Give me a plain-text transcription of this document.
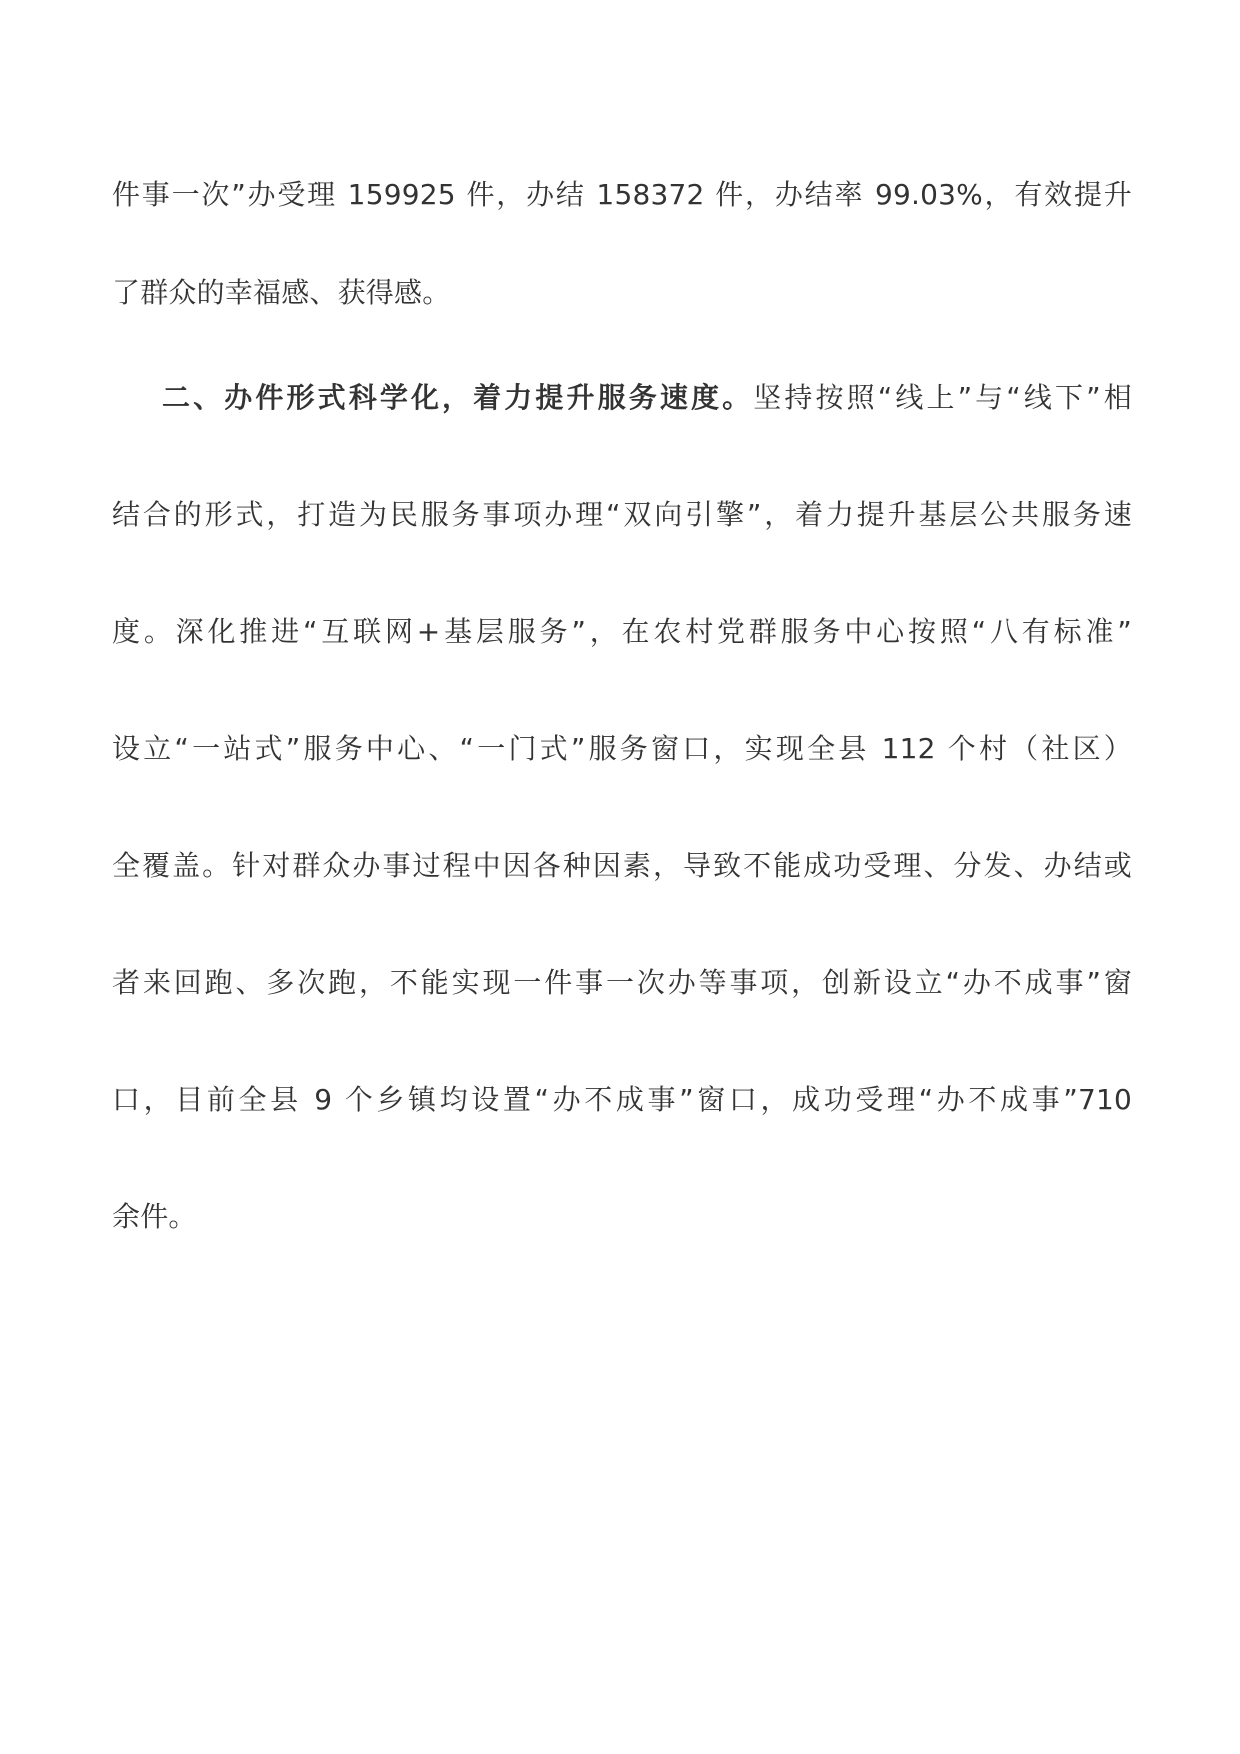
件事一次”办受理 159925 件，办结 158372 件，办结率 99.03%，有效提升
了群众的幸福感、获得感。
二、办件形式科学化，着力提升服务速度。坚持按照“线上”与“线下”相
结合的形式，打造为民服务事项办理“双向引擎”，着力提升基层公共服务速
度。深化推进“互联网+基层服务”，在农村党群服务中心按照“八有标准”
设立“一站式”服务中心、“一门式”服务窗口，实现全县 112 个村（社区）
全覆盖。针对群众办事过程中因各种因素，导致不能成功受理、分发、办结或
者来回跑、多次跑，不能实现一件事一次办等事项，创新设立“办不成事”窗
口，目前全县 9 个乡镇均设置“办不成事”窗口，成功受理“办不成事”710
余件。
